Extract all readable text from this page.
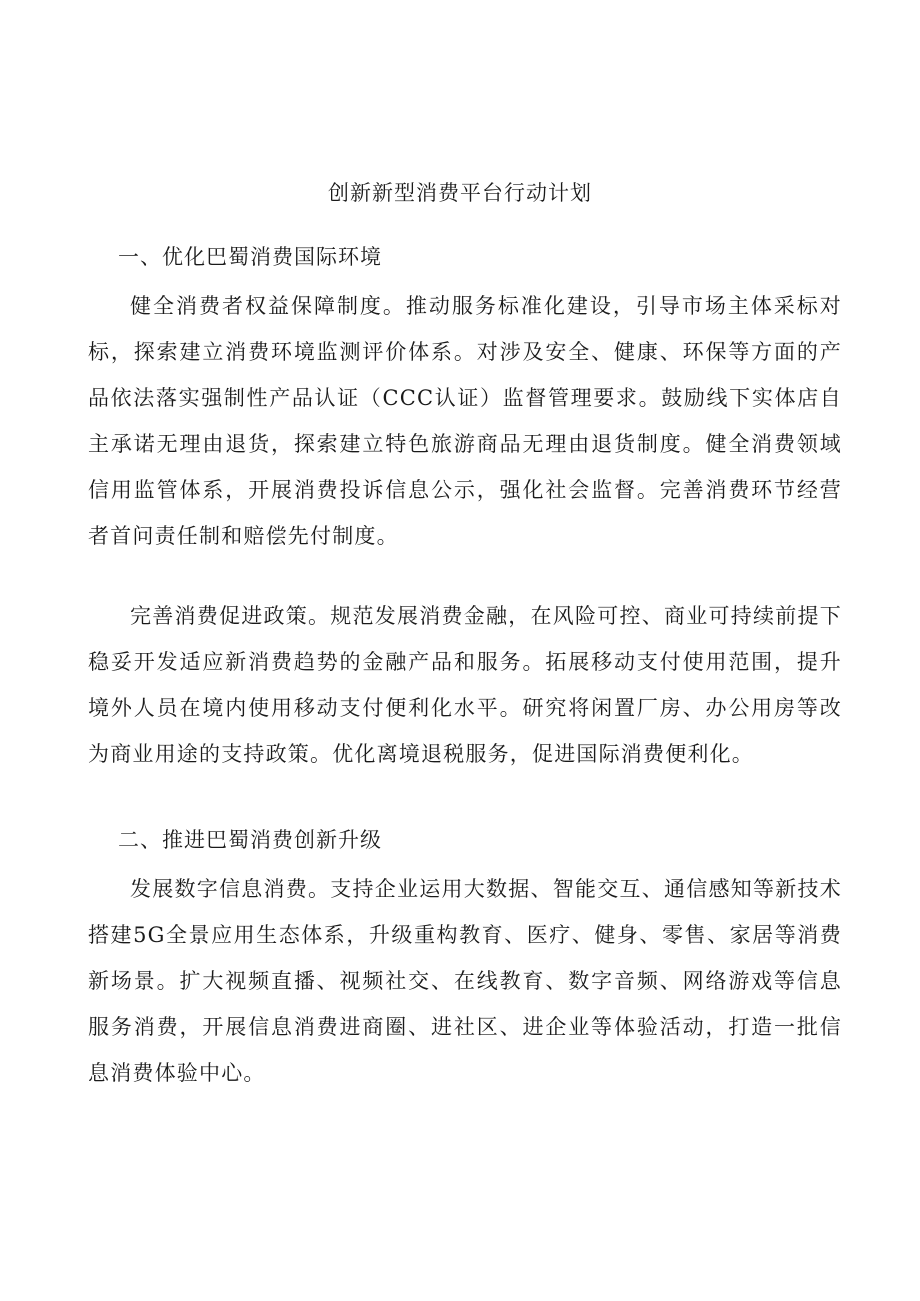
创新新型消费平台行动计划
一、优化巴蜀消费国际环境

健全消费者权益保障制度。推动服务标准化建设，引导市场主体采标对标，探索建立消费环境监测评价体系。对涉及安全、健康、环保等方面的产品依法落实强制性产品认证（CCC认证）监督管理要求。鼓励线下实体店自主承诺无理由退货，探索建立特色旅游商品无理由退货制度。健全消费领域信用监管体系，开展消费投诉信息公示，强化社会监督。完善消费环节经营者首问责任制和赔偿先付制度。

完善消费促进政策。规范发展消费金融，在风险可控、商业可持续前提下稳妥开发适应新消费趋势的金融产品和服务。拓展移动支付使用范围，提升境外人员在境内使用移动支付便利化水平。研究将闲置厂房、办公用房等改为商业用途的支持政策。优化离境退税服务，促进国际消费便利化。

二、推进巴蜀消费创新升级

发展数字信息消费。支持企业运用大数据、智能交互、通信感知等新技术搭建5G全景应用生态体系，升级重构教育、医疗、健身、零售、家居等消费新场景。扩大视频直播、视频社交、在线教育、数字音频、网络游戏等信息服务消费，开展信息消费进商圈、进社区、进企业等体验活动，打造一批信息消费体验中心。
